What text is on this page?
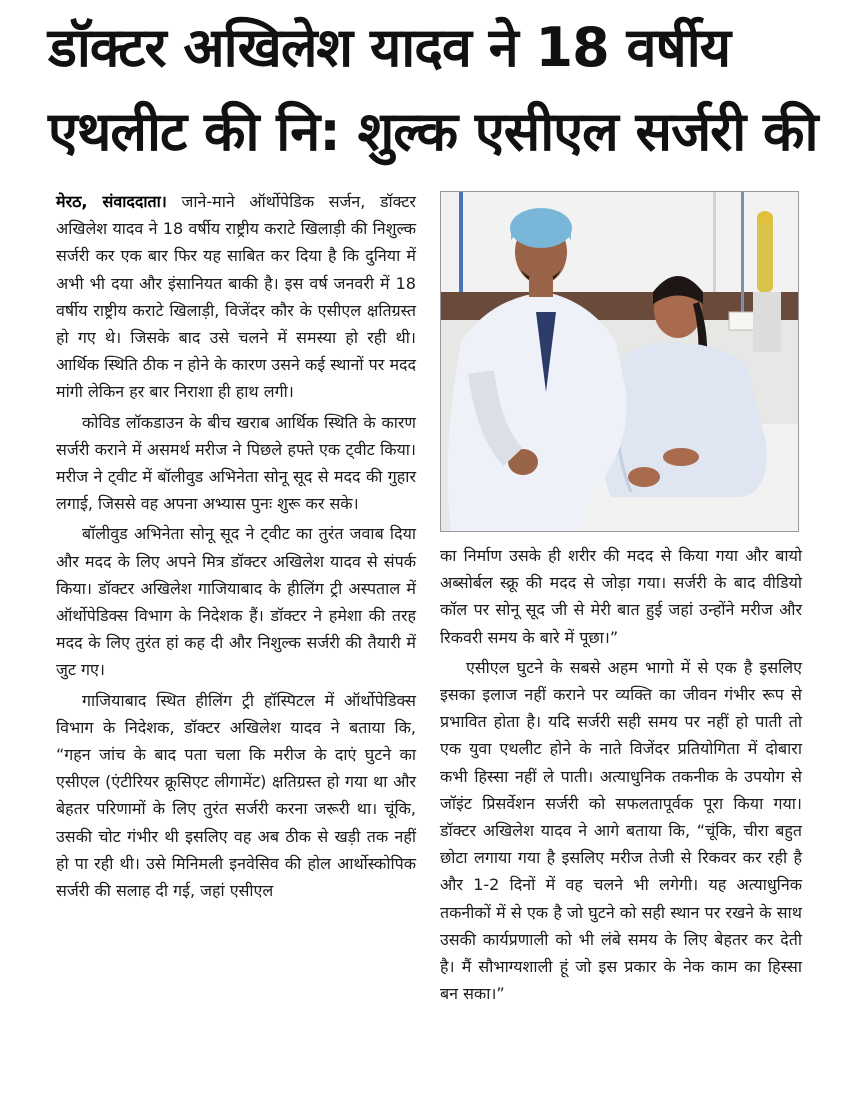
डॉक्टर अखिलेश यादव ने 18 वर्षीय एथलीट की नि: शुल्क एसीएल सर्जरी की

मेरठ, संवाददाता। जाने-माने ऑर्थोपेडिक सर्जन, डॉक्टर अखिलेश यादव ने 18 वर्षीय राष्ट्रीय कराटे खिलाड़ी की निशुल्क सर्जरी कर एक बार फिर यह साबित कर दिया है कि दुनिया में अभी भी दया और इंसानियत बाकी है। इस वर्ष जनवरी में 18 वर्षीय राष्ट्रीय कराटे खिलाड़ी, विजेंदर कौर के एसीएल क्षतिग्रस्त हो गए थे। जिसके बाद उसे चलने में समस्या हो रही थी। आर्थिक स्थिति ठीक न होने के कारण उसने कई स्थानों पर मदद मांगी लेकिन हर बार निराशा ही हाथ लगी।

कोविड लॉकडाउन के बीच खराब आर्थिक स्थिति के कारण सर्जरी कराने में असमर्थ मरीज ने पिछले हफ्ते एक ट्वीट किया। मरीज ने ट्वीट में बॉलीवुड अभिनेता सोनू सूद से मदद की गुहार लगाई, जिससे वह अपना अभ्यास पुनः शुरू कर सके।

बॉलीवुड अभिनेता सोनू सूद ने ट्वीट का तुरंत जवाब दिया और मदद के लिए अपने मित्र डॉक्टर अखिलेश यादव से संपर्क किया। डॉक्टर अखिलेश गाजियाबाद के हीलिंग ट्री अस्पताल में ऑर्थोपेडिक्स विभाग के निदेशक हैं। डॉक्टर ने हमेशा की तरह मदद के लिए तुरंत हां कह दी और निशुल्क सर्जरी की तैयारी में जुट गए।

गाजियाबाद स्थित हीलिंग ट्री हॉस्पिटल में ऑर्थोपेडिक्स विभाग के निदेशक, डॉक्टर अखिलेश यादव ने बताया कि, “गहन जांच के बाद पता चला कि मरीज के दाएं घुटने का एसीएल (एंटीरियर क्रूसिएट लीगामेंट) क्षतिग्रस्त हो गया था और बेहतर परिणामों के लिए तुरंत सर्जरी करना जरूरी था। चूंकि, उसकी चोट गंभीर थी इसलिए वह अब ठीक से खड़ी तक नहीं हो पा रही थी। उसे मिनिमली इनवेसिव की होल आर्थोस्कोपिक सर्जरी की सलाह दी गई, जहां एसीएल

का निर्माण उसके ही शरीर की मदद से किया गया और बायो अब्सोर्बल स्क्रू की मदद से जोड़ा गया। सर्जरी के बाद वीडियो कॉल पर सोनू सूद जी से मेरी बात हुई जहां उन्होंने मरीज और रिकवरी समय के बारे में पूछा।”

एसीएल घुटने के सबसे अहम भागो में से एक है इसलिए इसका इलाज नहीं कराने पर व्यक्ति का जीवन गंभीर रूप से प्रभावित होता है। यदि सर्जरी सही समय पर नहीं हो पाती तो एक युवा एथलीट होने के नाते विजेंदर प्रतियोगिता में दोबारा कभी हिस्सा नहीं ले पाती। अत्याधुनिक तकनीक के उपयोग से जॉइंट प्रिसर्वेशन सर्जरी को सफलतापूर्वक पूरा किया गया। डॉक्टर अखिलेश यादव ने आगे बताया कि, “चूंकि, चीरा बहुत छोटा लगाया गया है इसलिए मरीज तेजी से रिकवर कर रही है और 1-2 दिनों में वह चलने भी लगेगी। यह अत्याधुनिक तकनीकों में से एक है जो घुटने को सही स्थान पर रखने के साथ उसकी कार्यप्रणाली को भी लंबे समय के लिए बेहतर कर देती है। मैं सौभाग्यशाली हूं जो इस प्रकार के नेक काम का हिस्सा बन सका।”
